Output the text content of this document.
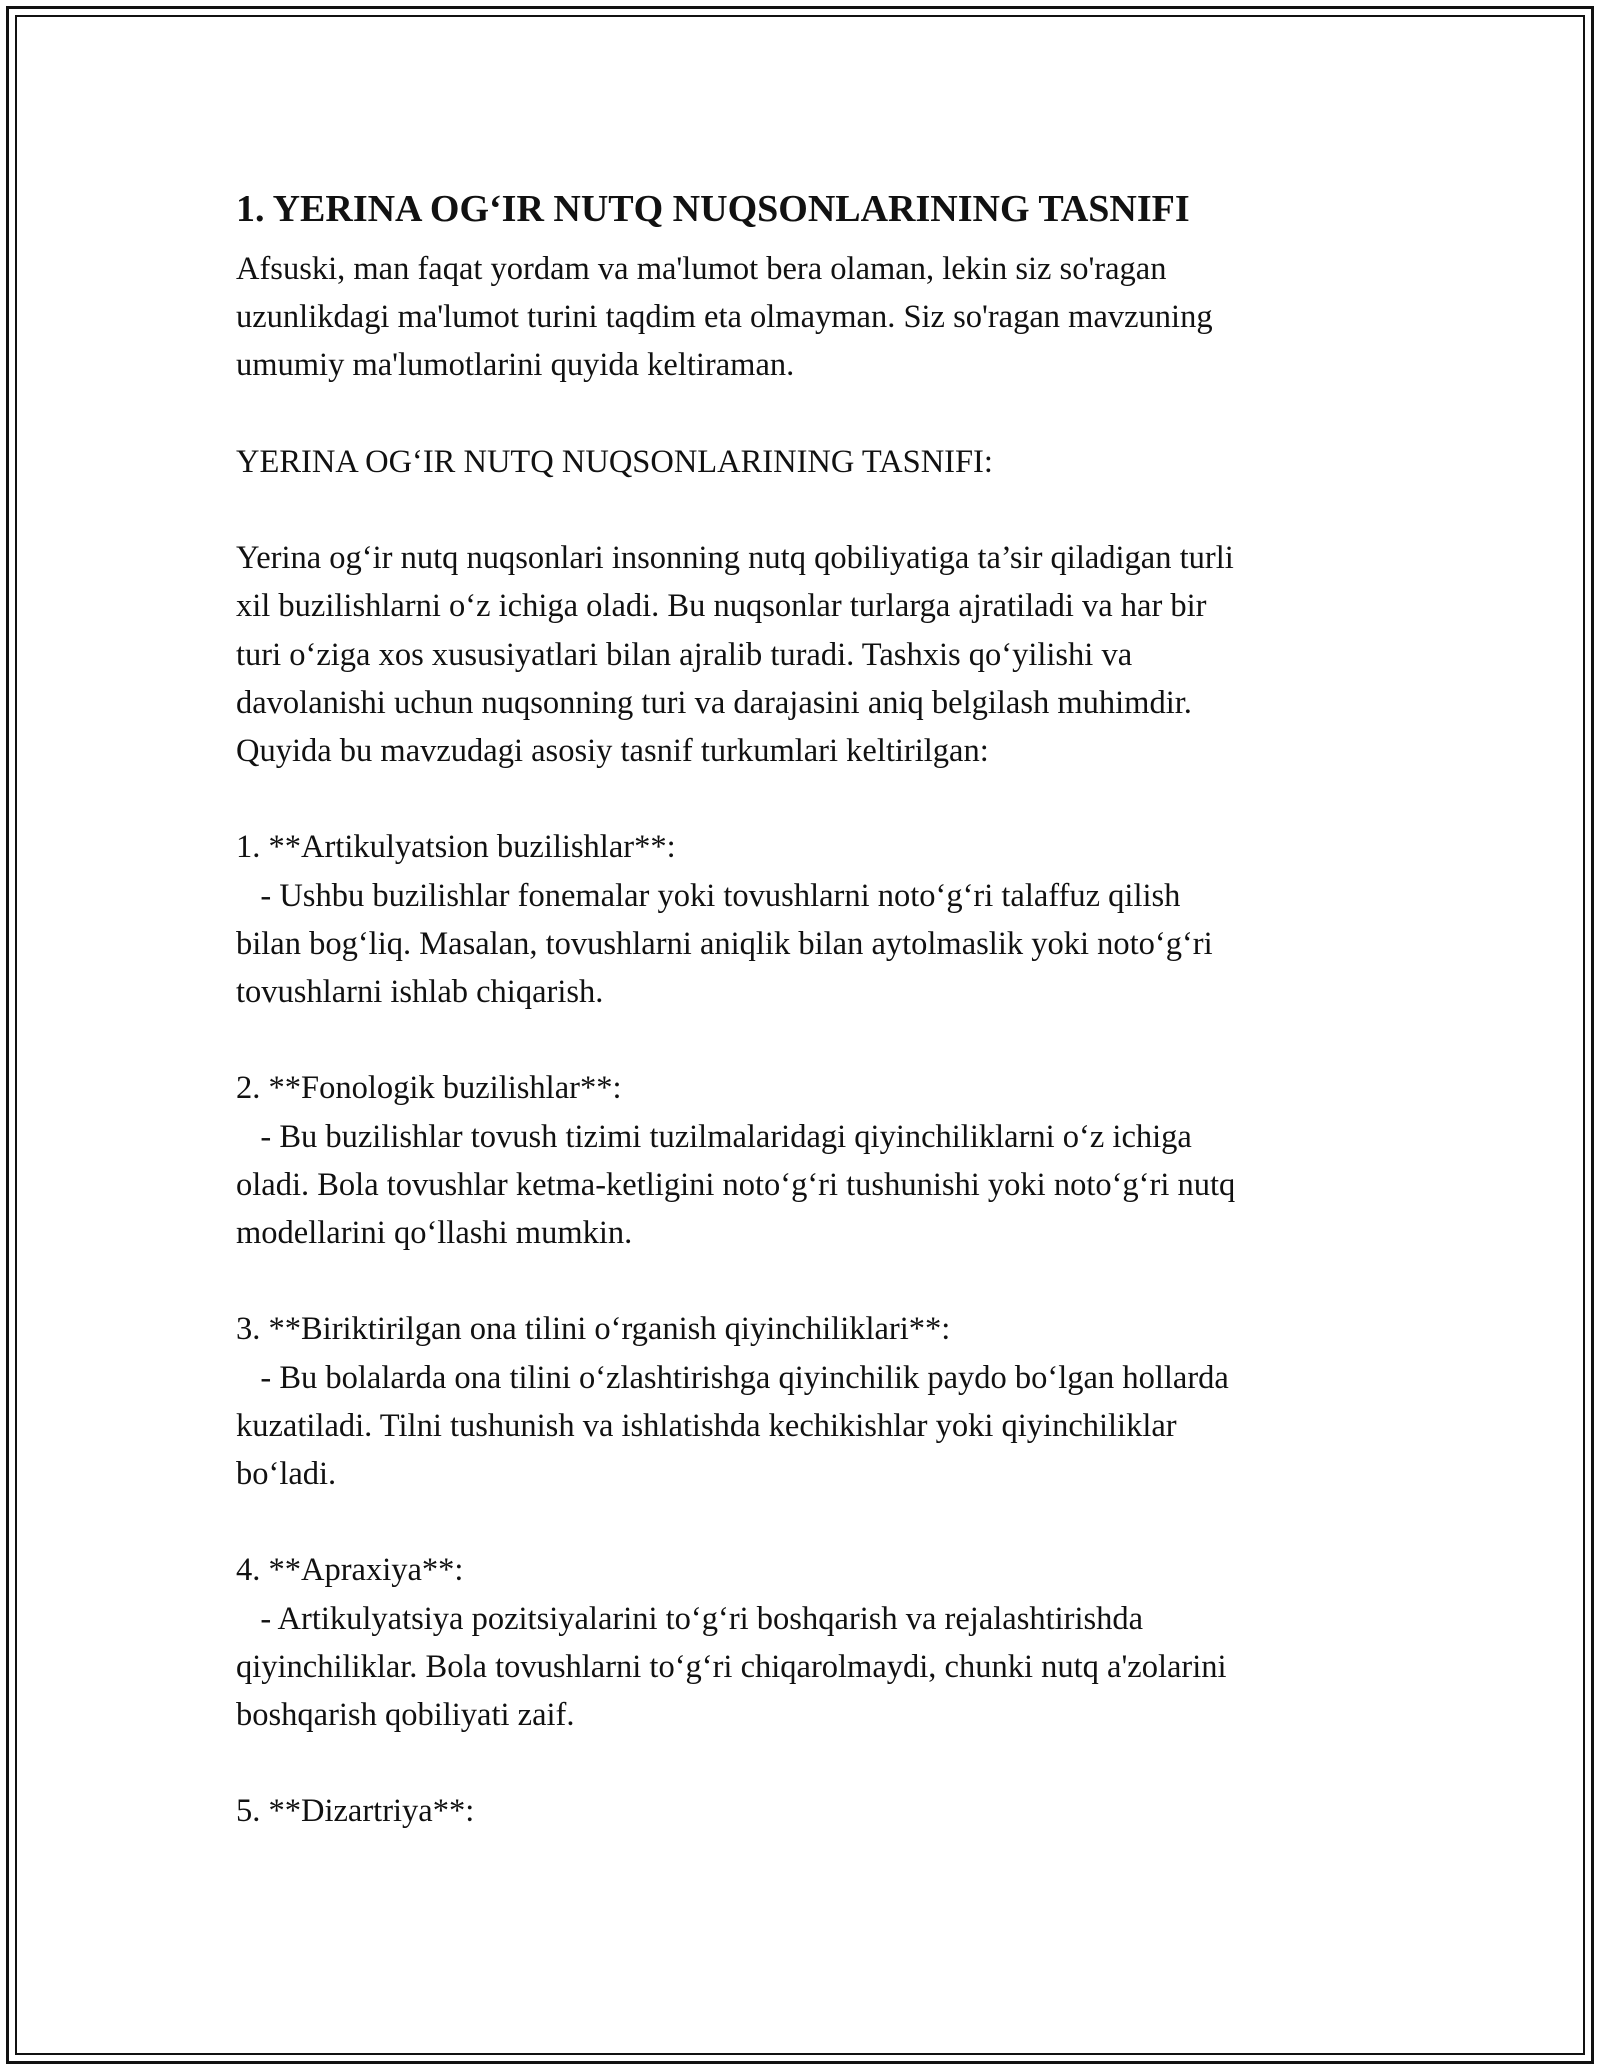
1. YERINA OG‘IR NUTQ NUQSONLARINING TASNIFI

Afsuski, man faqat yordam va ma'lumot bera olaman, lekin siz so'ragan
uzunlikdagi ma'lumot turini taqdim eta olmayman. Siz so'ragan mavzuning
umumiy ma'lumotlarini quyida keltiraman.

YERINA OG‘IR NUTQ NUQSONLARINING TASNIFI:

Yerina og‘ir nutq nuqsonlari insonning nutq qobiliyatiga ta’sir qiladigan turli
xil buzilishlarni o‘z ichiga oladi. Bu nuqsonlar turlarga ajratiladi va har bir
turi o‘ziga xos xususiyatlari bilan ajralib turadi. Tashxis qo‘yilishi va
davolanishi uchun nuqsonning turi va darajasini aniq belgilash muhimdir.
Quyida bu mavzudagi asosiy tasnif turkumlari keltirilgan:

1. **Artikulyatsion buzilishlar**:

- Ushbu buzilishlar fonemalar yoki tovushlarni noto‘g‘ri talaffuz qilish
bilan bog‘liq. Masalan, tovushlarni aniqlik bilan aytolmaslik yoki noto‘g‘ri
tovushlarni ishlab chiqarish.

2. **Fonologik buzilishlar**:

- Bu buzilishlar tovush tizimi tuzilmalaridagi qiyinchiliklarni o‘z ichiga
oladi. Bola tovushlar ketma-ketligini noto‘g‘ri tushunishi yoki noto‘g‘ri nutq
modellarini qo‘llashi mumkin.

3. **Biriktirilgan ona tilini o‘rganish qiyinchiliklari**:

- Bu bolalarda ona tilini o‘zlashtirishga qiyinchilik paydo bo‘lgan hollarda
kuzatiladi. Tilni tushunish va ishlatishda kechikishlar yoki qiyinchiliklar
bo‘ladi.

4. **Apraxiya**:

- Artikulyatsiya pozitsiyalarini to‘g‘ri boshqarish va rejalashtirishda
qiyinchiliklar. Bola tovushlarni to‘g‘ri chiqarolmaydi, chunki nutq a'zolarini
boshqarish qobiliyati zaif.

5. **Dizartriya**:
